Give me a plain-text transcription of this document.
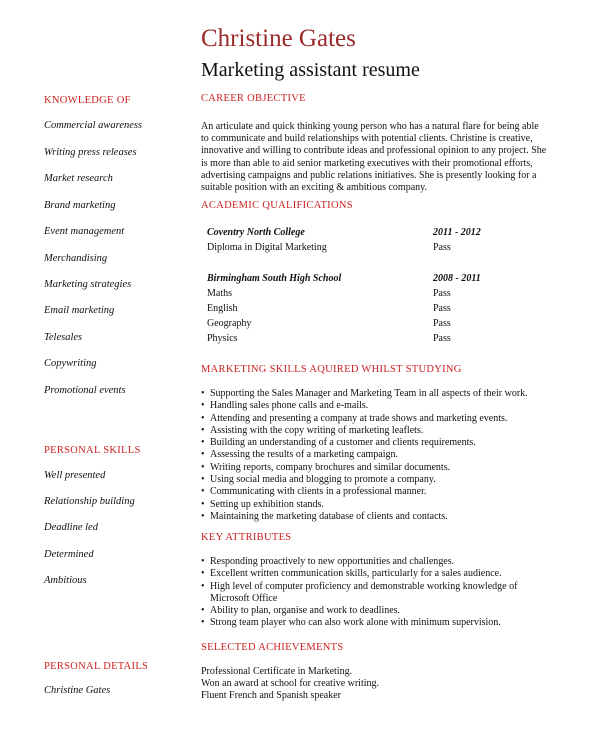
Christine Gates
Marketing assistant resume
KNOWLEDGE OF
Commercial awareness
Writing press releases
Market research
Brand marketing
Event management
Merchandising
Marketing strategies
Email marketing
Telesales
Copywriting
Promotional events
PERSONAL SKILLS
Well presented
Relationship building
Deadline led
Determined
Ambitious
PERSONAL DETAILS
Christine Gates
CAREER OBJECTIVE
An articulate and quick thinking young person who has a natural flare for being able to communicate and build relationships with potential clients. Christine is creative, innovative and willing to contribute ideas and professional opinion to any project. She is more than able to aid senior marketing executives with their promotional efforts, advertising campaigns and public relations initiatives. She is presently looking for a suitable position with an exciting & ambitious company.
ACADEMIC QUALIFICATIONS
Coventry North College	2011 - 2012
Diploma in Digital Marketing	Pass
Birmingham South High School	2008 - 2011
Maths	Pass
English	Pass
Geography	Pass
Physics	Pass
MARKETING SKILLS AQUIRED WHILST STUDYING
• Supporting the Sales Manager and Marketing Team in all aspects of their work.
• Handling sales phone calls and e-mails.
• Attending and presenting a company at trade shows and marketing events.
• Assisting with the copy writing of marketing leaflets.
• Building an understanding of a customer and clients requirements.
• Assessing the results of a marketing campaign.
• Writing reports, company brochures and similar documents.
• Using social media and blogging to promote a company.
• Communicating with clients in a professional manner.
• Setting up exhibition stands.
• Maintaining the marketing database of clients and contacts.
KEY ATTRIBUTES
• Responding proactively to new opportunities and challenges.
• Excellent written communication skills, particularly for a sales audience.
• High level of computer proficiency and demonstrable working knowledge of Microsoft Office
• Ability to plan, organise and work to deadlines.
• Strong team player who can also work alone with minimum supervision.
SELECTED ACHIEVEMENTS
Professional Certificate in Marketing.
Won an award at school for creative writing.
Fluent French and Spanish speaker
